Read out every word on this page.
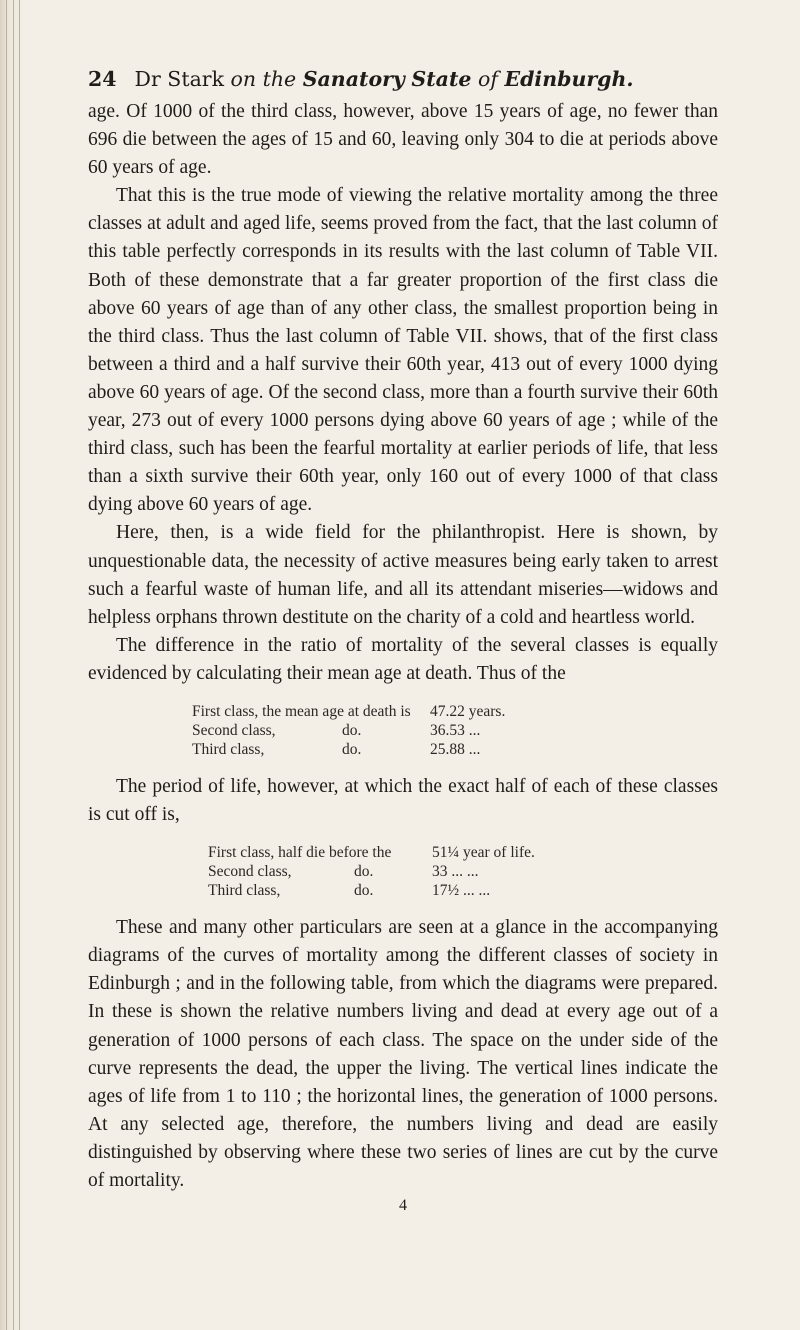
24 Dr Stark on the Sanatory State of Edinburgh.

age. Of 1000 of the third class, however, above 15 years of age, no fewer than 696 die between the ages of 15 and 60, leaving only 304 to die at periods above 60 years of age.

That this is the true mode of viewing the relative mortality among the three classes at adult and aged life, seems proved from the fact, that the last column of this table perfectly corresponds in its results with the last column of Table VII. Both of these demonstrate that a far greater proportion of the first class die above 60 years of age than of any other class, the smallest proportion being in the third class. Thus the last column of Table VII. shows, that of the first class between a third and a half survive their 60th year, 413 out of every 1000 dying above 60 years of age. Of the second class, more than a fourth survive their 60th year, 273 out of every 1000 persons dying above 60 years of age ; while of the third class, such has been the fearful mortality at earlier periods of life, that less than a sixth survive their 60th year, only 160 out of every 1000 of that class dying above 60 years of age.

Here, then, is a wide field for the philanthropist. Here is shown, by unquestionable data, the necessity of active measures being early taken to arrest such a fearful waste of human life, and all its attendant miseries—widows and helpless orphans thrown destitute on the charity of a cold and heartless world.

The difference in the ratio of mortality of the several classes is equally evidenced by calculating their mean age at death. Thus of the

First class, the mean age at death is		47.22 years.
Second class,	do.	36.53 ...
Third class,	do.	25.88 ...

The period of life, however, at which the exact half of each of these classes is cut off is,

First class, half die before the		51¼ year of life.
Second class,	do.	33 ... ...
Third class,	do.	17½ ... ...

These and many other particulars are seen at a glance in the accompanying diagrams of the curves of mortality among the different classes of society in Edinburgh ; and in the following table, from which the diagrams were prepared. In these is shown the relative numbers living and dead at every age out of a generation of 1000 persons of each class. The space on the under side of the curve represents the dead, the upper the living. The vertical lines indicate the ages of life from 1 to 110 ; the horizontal lines, the generation of 1000 persons. At any selected age, therefore, the numbers living and dead are easily distinguished by observing where these two series of lines are cut by the curve of mortality.

4
